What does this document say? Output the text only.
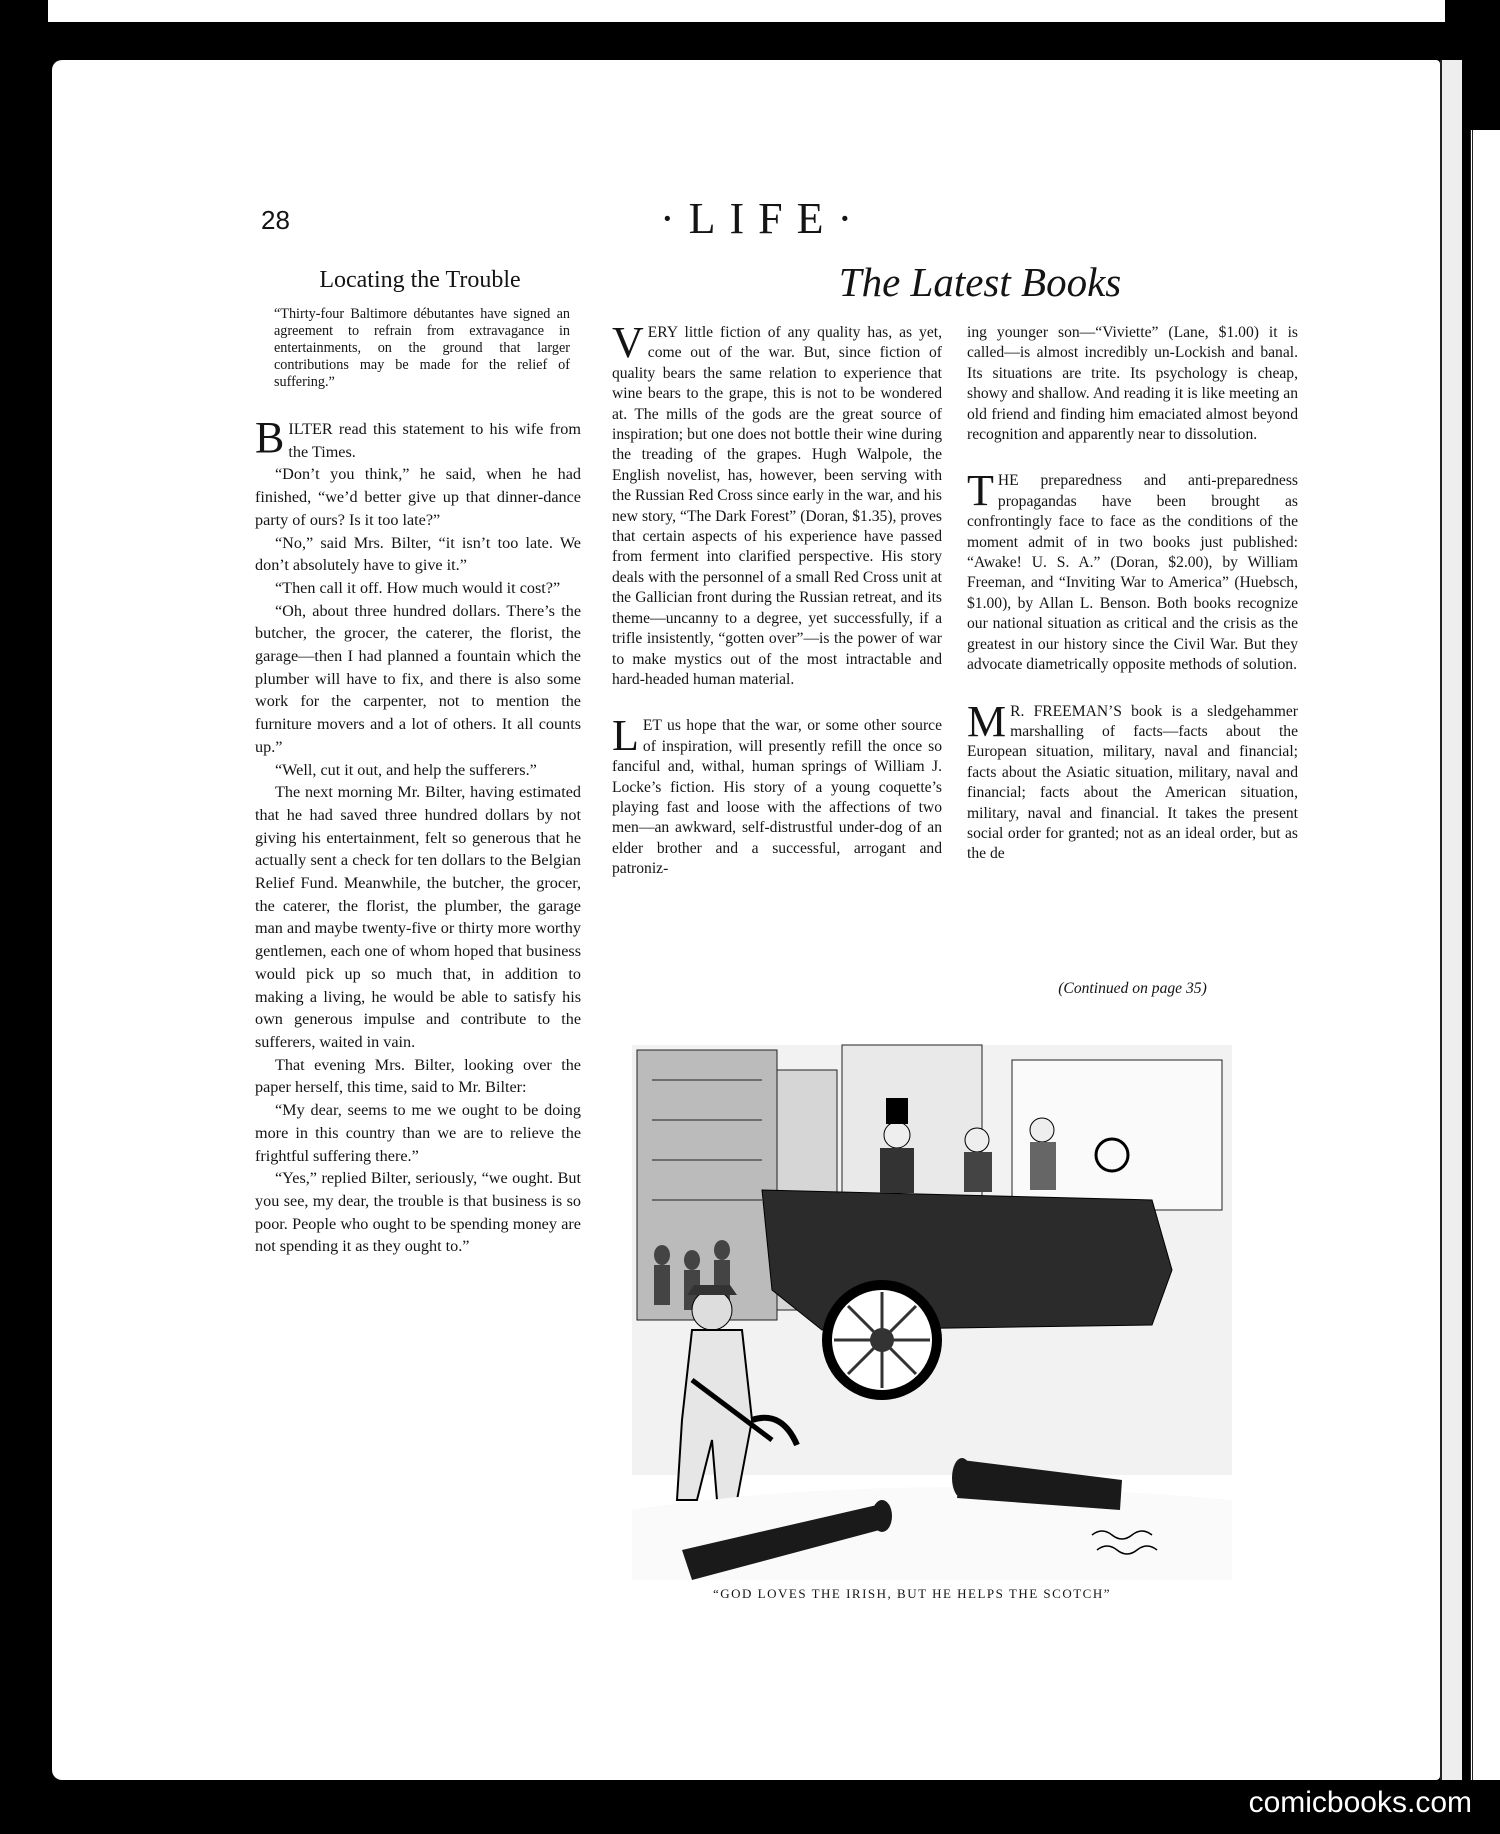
28	·LIFE·
Locating the Trouble
“Thirty-four Baltimore débutantes have signed an agreement to refrain from extravagance in entertainments, on the ground that larger contributions may be made for the relief of suffering.”

BILTER read this statement to his wife from the Times.

“Don’t you think,” he said, when he had finished, “we’d better give up that dinner-dance party of ours? Is it too late?”

“No,” said Mrs. Bilter, “it isn’t too late. We don’t absolutely have to give it.”

“Then call it off. How much would it cost?”

“Oh, about three hundred dollars. There’s the butcher, the grocer, the caterer, the florist, the garage—then I had planned a fountain which the plumber will have to fix, and there is also some work for the carpenter, not to mention the furniture movers and a lot of others. It all counts up.”

“Well, cut it out, and help the sufferers.”

The next morning Mr. Bilter, having estimated that he had saved three hundred dollars by not giving his entertainment, felt so generous that he actually sent a check for ten dollars to the Belgian Relief Fund. Meanwhile, the butcher, the grocer, the caterer, the florist, the plumber, the garage man and maybe twenty-five or thirty more worthy gentlemen, each one of whom hoped that business would pick up so much that, in addition to making a living, he would be able to satisfy his own generous impulse and contribute to the sufferers, waited in vain.

That evening Mrs. Bilter, looking over the paper herself, this time, said to Mr. Bilter:

“My dear, seems to me we ought to be doing more in this country than we are to relieve the frightful suffering there.”

“Yes,” replied Bilter, seriously, “we ought. But you see, my dear, the trouble is that business is so poor. People who ought to be spending money are not spending it as they ought to.”

The Latest Books

VERY little fiction of any quality has, as yet, come out of the war. But, since fiction of quality bears the same relation to experience that wine bears to the grape, this is not to be wondered at. The mills of the gods are the great source of inspiration; but one does not bottle their wine during the treading of the grapes. Hugh Walpole, the English novelist, has, however, been serving with the Russian Red Cross since early in the war, and his new story, “The Dark Forest” (Doran, $1.35), proves that certain aspects of his experience have passed from ferment into clarified perspective. His story deals with the personnel of a small Red Cross unit at the Gallician front during the Russian retreat, and its theme—uncanny to a degree, yet successfully, if a trifle insistently, “gotten over”—is the power of war to make mystics out of the most intractable and hard-headed human material.

LET us hope that the war, or some other source of inspiration, will presently refill the once so fanciful and, withal, human springs of William J. Locke’s fiction. His story of a young coquette’s playing fast and loose with the affections of two men—an awkward, self-distrustful under-dog of an elder brother and a successful, arrogant and patroniz-

ing younger son—“Viviette” (Lane, $1.00) it is called—is almost incredibly un-Lockish and banal. Its situations are trite. Its psychology is cheap, showy and shallow. And reading it is like meeting an old friend and finding him emaciated almost beyond recognition and apparently near to dissolution.

THE preparedness and anti-preparedness propagandas have been brought as confrontingly face to face as the conditions of the moment admit of in two books just published: “Awake! U. S. A.” (Doran, $2.00), by William Freeman, and “Inviting War to America” (Huebsch, $1.00), by Allan L. Benson. Both books recognize our national situation as critical and the crisis as the greatest in our history since the Civil War. But they advocate diametrically opposite methods of solution.

M R. FREEMAN’S book is a sledgehammer marshalling of facts—facts about the European situation, military, naval and financial; facts about the Asiatic situation, military, naval and financial; facts about the American situation, military, naval and financial. It takes the present social order for granted; not as an ideal order, but as the de

(Continued on page 35)
“GOD LOVES THE IRISH, BUT HE HELPS THE SCOTCH”
comicbooks.com
